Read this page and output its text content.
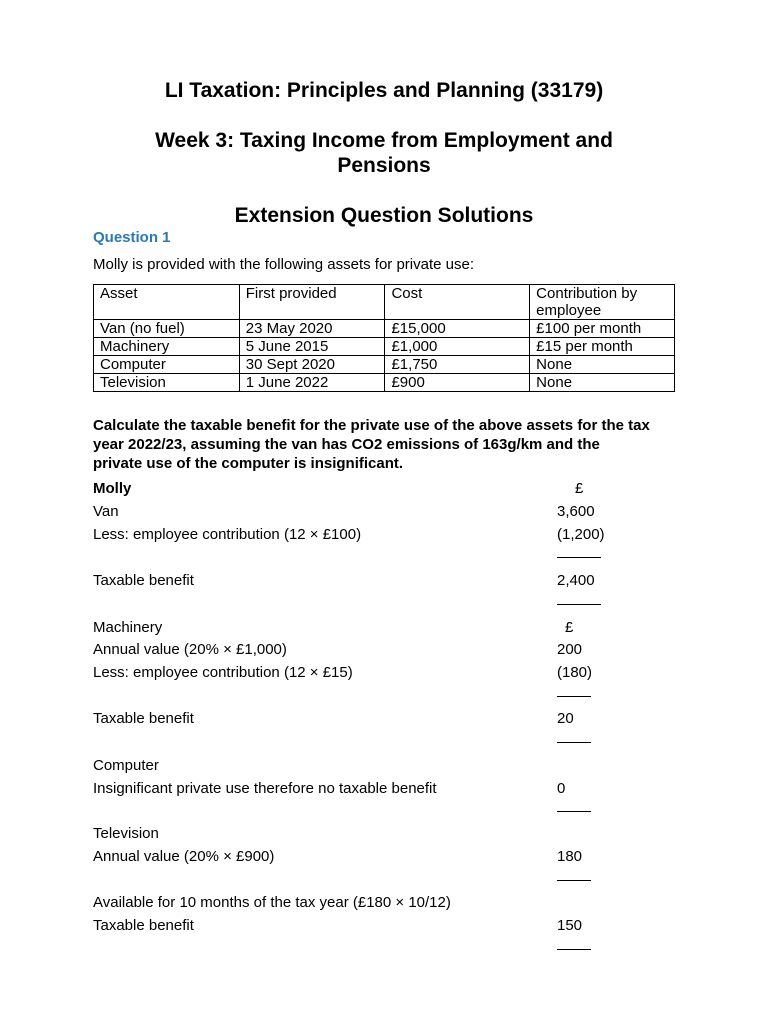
LI Taxation: Principles and Planning (33179)
Week 3: Taxing Income from Employment and
Pensions
Extension Question Solutions
Question 1
Molly is provided with the following assets for private use:
Asset	First provided	Cost	Contribution by employee
Van (no fuel)	23 May 2020	£15,000	£100 per month
Machinery	5 June 2015	£1,000	£15 per month
Computer	30 Sept 2020	£1,750	None
Television	1 June 2022	£900	None
Calculate the taxable benefit for the private use of the above assets for the tax year 2022/23, assuming the van has CO2 emissions of 163g/km and the private use of the computer is insignificant.
Molly	£
Van	3,600
Less: employee contribution (12 × £100)	(1,200)
Taxable benefit	2,400
Machinery	£
Annual value (20% × £1,000)	200
Less: employee contribution (12 × £15)	(180)
Taxable benefit	20
Computer
Insignificant private use therefore no taxable benefit	0
Television
Annual value (20% × £900)	180
Available for 10 months of the tax year (£180 × 10/12)
Taxable benefit	150
